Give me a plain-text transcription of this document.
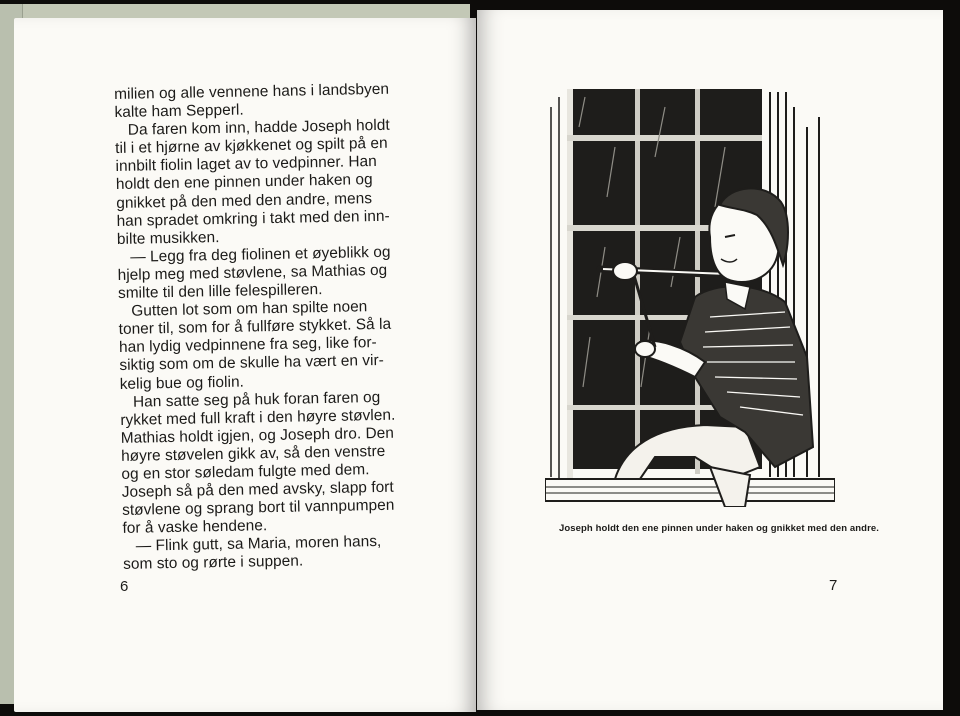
milien og alle vennene hans i landsbyen
kalte ham Sepperl.
Da faren kom inn, hadde Joseph holdt
til i et hjørne av kjøkkenet og spilt på en
innbilt fiolin laget av to vedpinner. Han
holdt den ene pinnen under haken og
gnikket på den med den andre, mens
han spradet omkring i takt med den inn-
bilte musikken.
— Legg fra deg fiolinen et øyeblikk og
hjelp meg med støvlene, sa Mathias og
smilte til den lille felespilleren.
Gutten lot som om han spilte noen
toner til, som for å fullføre stykket. Så la
han lydig vedpinnene fra seg, like for-
siktig som om de skulle ha vært en vir-
kelig bue og fiolin.
Han satte seg på huk foran faren og
rykket med full kraft i den høyre støvlen.
Mathias holdt igjen, og Joseph dro. Den
høyre støvelen gikk av, så den venstre
og en stor søledam fulgte med dem.
Joseph så på den med avsky, slapp fort
støvlene og sprang bort til vannpumpen
for å vaske hendene.
— Flink gutt, sa Maria, moren hans,
som sto og rørte i suppen.
6
Joseph holdt den ene pinnen under haken og gnikket med den andre.
7
